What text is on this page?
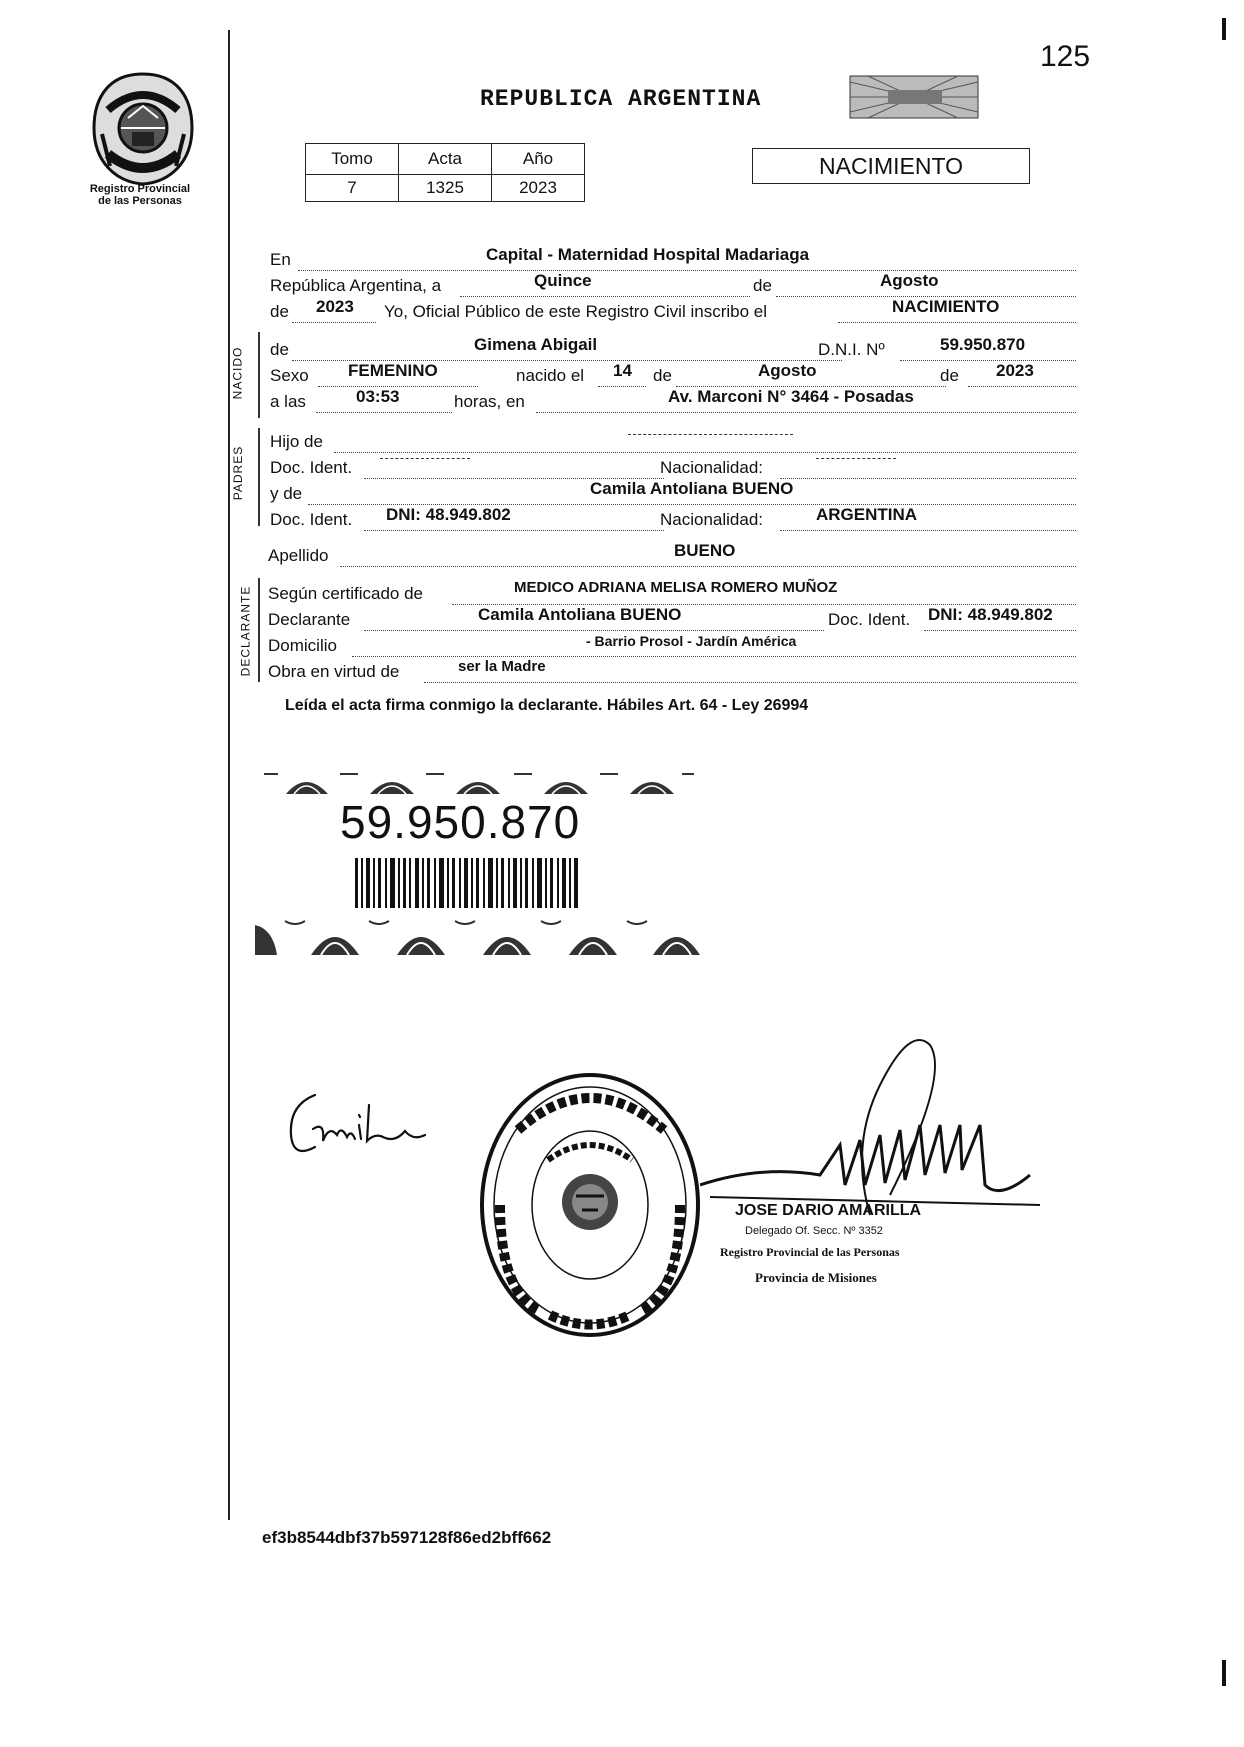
Registro Provincial
de las Personas
REPUBLICA ARGENTINA
125
Tomo	Acta	Año
7	1325	2023
NACIMIENTO
En	Capital - Maternidad Hospital Madariaga
República Argentina, a	Quince	de	Agosto
de 2023 Yo, Oficial Público de este Registro Civil inscribo el	NACIMIENTO
NACIDO de	Gimena Abigail	D.N.I. Nº	59.950.870
Sexo FEMENINO	nacido el 14 de	Agosto	de 2023
a las	03:53	horas, en	Av. Marconi N° 3464 - Posadas
PADRES
Hijo de
Doc. Ident.	Nacionalidad:
y de	Camila Antoliana BUENO
Doc. Ident. DNI: 48.949.802	Nacionalidad:	ARGENTINA
Apellido	BUENO
DECLARANTE Según certificado de	MEDICO ADRIANA MELISA ROMERO MUÑOZ
Declarante	Camila Antoliana BUENO	Doc. Ident. DNI: 48.949.802
Domicilio	- Barrio Prosol - Jardín América
Obra en virtud de	ser la Madre
Leída el acta firma conmigo la declarante. Hábiles Art. 64 - Ley 26994
59.950.870
JOSE DARIO AMARILLA
Delegado Of. Secc. Nº 3352
Registro Provincial de las Personas
Provincia de Misiones
ef3b8544dbf37b597128f86ed2bff662
